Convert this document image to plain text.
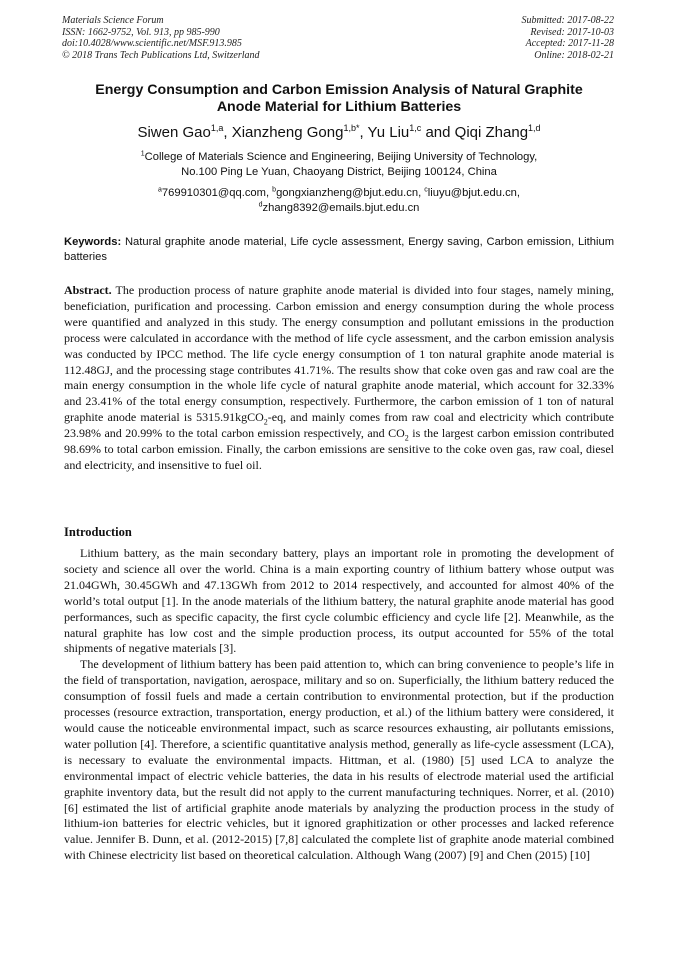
Materials Science Forum
ISSN: 1662-9752, Vol. 913, pp 985-990
doi:10.4028/www.scientific.net/MSF.913.985
© 2018 Trans Tech Publications Ltd, Switzerland
Submitted: 2017-08-22
Revised: 2017-10-03
Accepted: 2017-11-28
Online: 2018-02-21
Energy Consumption and Carbon Emission Analysis of Natural Graphite
Anode Material for Lithium Batteries
Siwen Gao$^{1,a}$, Xianzheng Gong$^{1,b*}$, Yu Liu$^{1,c}$ and Qiqi Zhang$^{1,d}$
$^1$College of Materials Science and Engineering, Beijing University of Technology,
No.100 Ping Le Yuan, Chaoyang District, Beijing 100124, China
$^a$769910301@qq.com, $^b$gongxianzheng@bjut.edu.cn, $^c$liuyu@bjut.edu.cn,
$^d$zhang8392@emails.bjut.edu.cn
Keywords: Natural graphite anode material, Life cycle assessment, Energy saving, Carbon emission, Lithium batteries
Abstract. The production process of nature graphite anode material is divided into four stages, namely mining, beneficiation, purification and processing. Carbon emission and energy consumption during the whole process were quantified and analyzed in this study. The energy consumption and pollutant emissions in the production process were calculated in accordance with the method of life cycle assessment, and the carbon emission analysis was conducted by IPCC method. The life cycle energy consumption of 1 ton natural graphite anode material is 112.48GJ, and the processing stage contributes 41.71%. The results show that coke oven gas and raw coal are the main energy consumption in the whole life cycle of natural graphite anode material, which account for 32.33% and 23.41% of the total energy consumption, respectively. Furthermore, the carbon emission of 1 ton of natural graphite anode material is 5315.91kgCO$_2$-eq, and mainly comes from raw coal and electricity which contribute 23.98% and 20.99% to the total carbon emission respectively, and $CO_2$ is the largest carbon emission contributed 98.69% to total carbon emission. Finally, the carbon emissions are sensitive to the coke oven gas, raw coal, diesel and electricity, and insensitive to fuel oil.
Introduction

Lithium battery, as the main secondary battery, plays an important role in promoting the development of society and science all over the world. China is a main exporting country of lithium battery whose output was 21.04GWh, 30.45GWh and 47.13GWh from 2012 to 2014 respectively, and accounted for almost 40% of the world’s total output [1]. In the anode materials of the lithium battery, the natural graphite anode material has good performances, such as specific capacity, the first cycle columbic efficiency and cycle life [2]. Meanwhile, as the natural graphite has low cost and the simple production process, its output accounted for 55% of the total shipments of negative materials [3].

The development of lithium battery has been paid attention to, which can bring convenience to people’s life in the field of transportation, navigation, aerospace, military and so on. Superficially, the lithium battery reduced the consumption of fossil fuels and made a certain contribution to environmental protection, but if the production processes (resource extraction, transportation, energy production, et al.) of the lithium battery were considered, it would cause the noticeable environmental impact, such as scarce resources exhausting, air pollutants emissions, water pollution [4]. Therefore, a scientific quantitative analysis method, generally as life-cycle assessment (LCA), is necessary to evaluate the environmental impacts. Hittman, et al. (1980) [5] used LCA to analyze the environmental impact of electric vehicle batteries, the data in his results of electrode material used the artificial graphite inventory data, but the result did not apply to the current manufacturing techniques. Norrer, et al. (2010) [6] estimated the list of artificial graphite anode materials by analyzing the production process in the study of lithium-ion batteries for electric vehicles, but it ignored graphitization or other processes and lacked reference value. Jennifer B. Dunn, et al. (2012-2015) [7,8] calculated the complete list of graphite anode material combined with Chinese electricity list based on theoretical calculation. Although Wang (2007) [9] and Chen (2015) [10]
